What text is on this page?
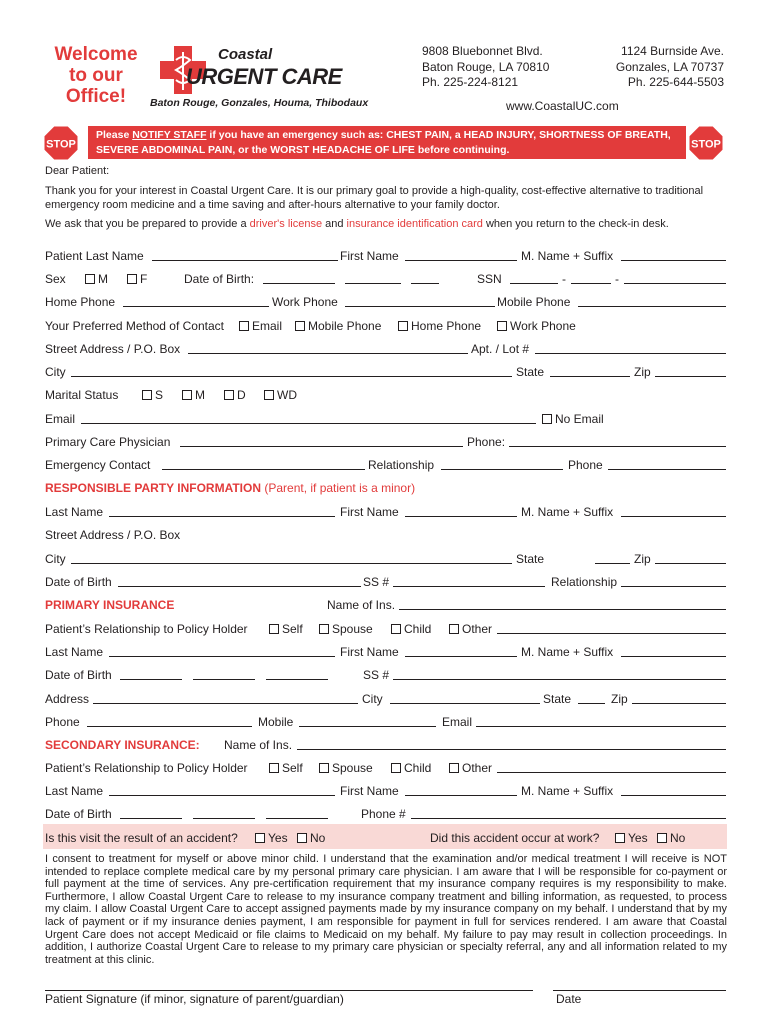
Welcome
to our
Office!
Coastal
URGENT CARE
Baton Rouge, Gonzales, Houma, Thibodaux
9808 Bluebonnet Blvd.
Baton Rouge, LA 70810
Ph. 225-224-8121
1124 Burnside Ave.
Gonzales, LA 70737
Ph. 225-644-5503
www.CoastalUC.com
STOP	STOP
Please NOTIFY STAFF if you have an emergency such as: CHEST PAIN, a HEAD INJURY, SHORTNESS OF BREATH,
SEVERE ABDOMINAL PAIN, or the WORST HEADACHE OF LIFE before continuing.
Dear Patient:
Thank you for your interest in Coastal Urgent Care. It is our primary goal to provide a high-quality, cost-effective alternative to traditional emergency room medicine and a time saving and after-hours alternative to your family doctor.
We ask that you be prepared to provide a driver's license and insurance identification card when you return to the check-in desk.
Patient Last Name	First Name	M. Name + Suffix
Sex	M	F	Date of Birth:	SSN	-	-
Home Phone	Work Phone	Mobile Phone
Your Preferred Method of Contact	Email	Mobile Phone	Home Phone	Work Phone
Street Address / P.O. Box	Apt. / Lot #
City	State	Zip
Marital Status	S	M	D	WD
Email	No Email
Primary Care Physician	Phone:
Emergency Contact	Relationship	Phone
RESPONSIBLE PARTY INFORMATION (Parent, if patient is a minor)
Last Name	First Name	M. Name + Suffix
Street Address / P.O. Box
City	State	Zip
Date of Birth	SS #	Relationship
PRIMARY INSURANCE	Name of Ins.
Patient’s Relationship to Policy Holder	Self	Spouse	Child	Other
Last Name	First Name	M. Name + Suffix
Date of Birth	SS #
Address	City	State	Zip
Phone	Mobile	Email
SECONDARY INSURANCE: Name of Ins.
Patient’s Relationship to Policy Holder	Self	Spouse	Child	Other
Last Name	First Name	M. Name + Suffix
Date of Birth	Phone #
Is this visit the result of an accident?	Yes	No	Did this accident occur at work?	Yes	No
I consent to treatment for myself or above minor child. I understand that the examination and/or medical treatment I will receive is NOT intended to replace complete medical care by my personal primary care physician. I am aware that I will be responsible for co-payment or full payment at the time of services. Any pre-certification requirement that my insurance company requires is my responsibility to make. Furthermore, I allow Coastal Urgent Care to release to my insurance company treatment and billing information, as requested, to process my claim. I allow Coastal Urgent Care to accept assigned payments made by my insurance company on my behalf. I understand that by my lack of payment or if my insurance denies payment, I am responsible for payment in full for services rendered. I am aware that Coastal Urgent Care does not accept Medicaid or file claims to Medicaid on my behalf. My failure to pay may result in collection proceedings. In addition, I authorize Coastal Urgent Care to release to my primary care physician or specialty referral, any and all information related to my treatment at this clinic.
Patient Signature (if minor, signature of parent/guardian)	Date
